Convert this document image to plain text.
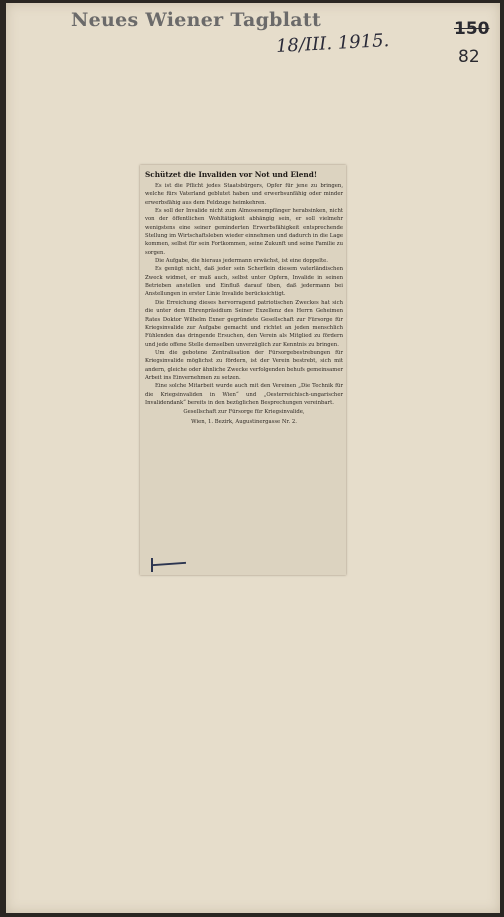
Neues Wiener Tagblatt
18/III. 1915.
150
82
Schützet die Invaliden vor Not und Elend!

Es ist die Pflicht jedes Staatsbürgers, Opfer für jene zu bringen, welche fürs Vaterland geblutet haben und erwerbsunfähig oder minder erwerbsfähig aus dem Feldzuge heimkehren.

Es soll der Invalide nicht zum Almosenempfänger herabsinken, nicht von der öffentlichen Wohltätigkeit abhängig sein, er soll vielmehr wenigstens eine seiner geminderten Erwerbsfähigkeit entsprechende Stellung im Wirtschaftsleben wieder einnehmen und dadurch in die Lage kommen, selbst für sein Fortkommen, seine Zukunft und seine Familie zu sorgen.

Die Aufgabe, die hieraus jedermann erwächst, ist eine doppelte.

Es genügt nicht, daß jeder sein Scherflein diesem vaterländischen Zweck widmet, er muß auch, selbst unter Opfern, Invalide in seinen Betrieben anstellen und Einfluß darauf üben, daß jedermann bei Anstellungen in erster Linie Invalide berücksichtigt.

Die Erreichung dieses hervorragend patriotischen Zweckes hat sich die unter dem Ehrenpräsidium Seiner Exzellenz des Herrn Geheimen Rates Doktor Wilhelm Exner gegründete Gesellschaft zur Fürsorge für Kriegsinvalide zur Aufgabe gemacht und richtet an jeden menschlich Fühlenden das dringende Ersuchen, den Verein als Mitglied zu fördern und jede offene Stelle demselben unverzüglich zur Kenntnis zu bringen.

Um die gebotene Zentralisation der Fürsorgebestrebungen für Kriegsinvalide möglichst zu fördern, ist der Verein bestrebt, sich mit andern, gleiche oder ähnliche Zwecke verfolgenden behufs gemeinsamer Arbeit ins Einvernehmen zu setzen.

Eine solche Mitarbeit wurde auch mit den Vereinen „Die Technik für die Kriegsinvaliden in Wien“ und „Oesterreichisch-ungarischer Invalidendank“ bereits in den bezüglichen Besprechungen vereinbart.

Gesellschaft zur Fürsorge für Kriegsinvalide,
Wien, 1. Bezirk, Augustinergasse Nr. 2.
